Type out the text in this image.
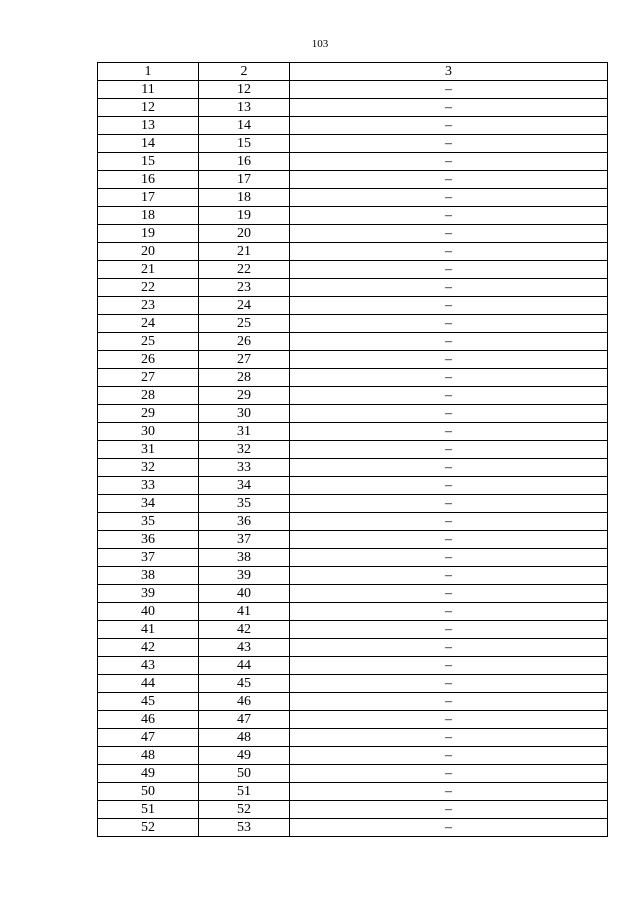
103
1	2	3
11	12	–
12	13	–
13	14	–
14	15	–
15	16	–
16	17	–
17	18	–
18	19	–
19	20	–
20	21	–
21	22	–
22	23	–
23	24	–
24	25	–
25	26	–
26	27	–
27	28	–
28	29	–
29	30	–
30	31	–
31	32	–
32	33	–
33	34	–
34	35	–
35	36	–
36	37	–
37	38	–
38	39	–
39	40	–
40	41	–
41	42	–
42	43	–
43	44	–
44	45	–
45	46	–
46	47	–
47	48	–
48	49	–
49	50	–
50	51	–
51	52	–
52	53	–
